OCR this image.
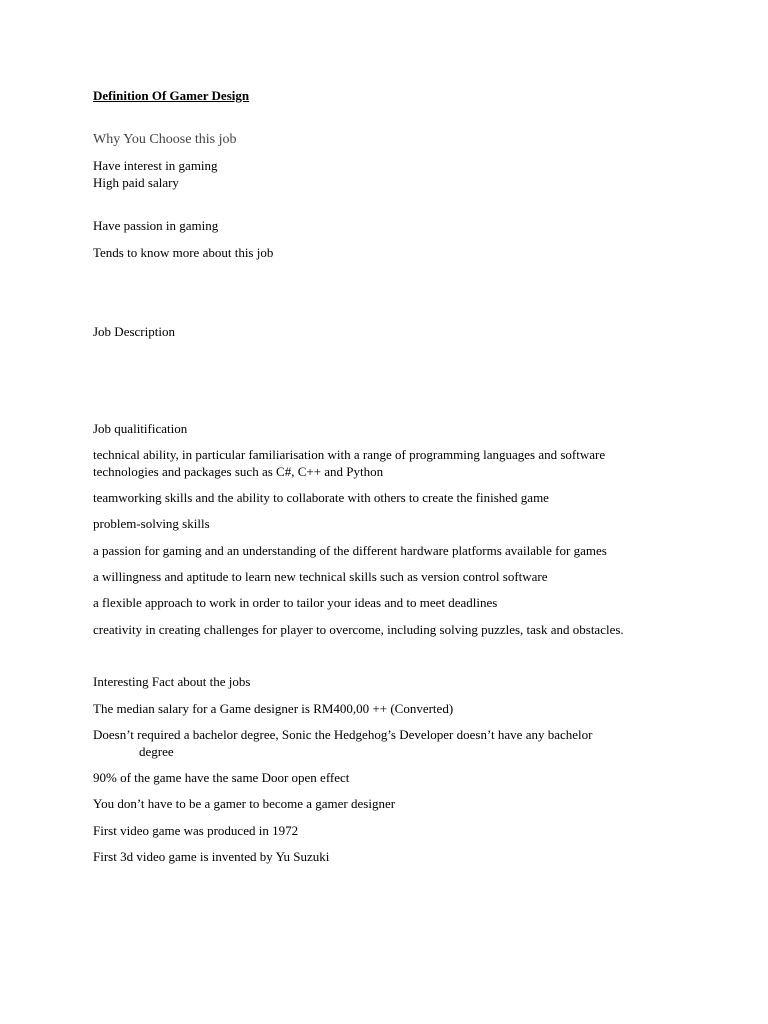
Definition Of Gamer Design
Why You Choose this job
Have interest in gaming
High paid salary
Have passion in gaming
Tends to know more about this job
Job Description
Job qualitification
technical ability, in particular familiarisation with a range of programming languages and software
technologies and packages such as C#, C++ and Python
teamworking skills and the ability to collaborate with others to create the finished game
problem-solving skills
a passion for gaming and an understanding of the different hardware platforms available for games
a willingness and aptitude to learn new technical skills such as version control software
a flexible approach to work in order to tailor your ideas and to meet deadlines
creativity in creating challenges for player to overcome, including solving puzzles, task and obstacles.
Interesting Fact about the jobs
The median salary for a Game designer is RM400,00 ++ (Converted)
Doesn’t required a bachelor degree, Sonic the Hedgehog’s Developer doesn’t have any bachelor
degree
90% of the game have the same Door open effect
You don’t have to be a gamer to become a gamer designer
First video game was produced in 1972
First 3d video game is invented by Yu Suzuki
